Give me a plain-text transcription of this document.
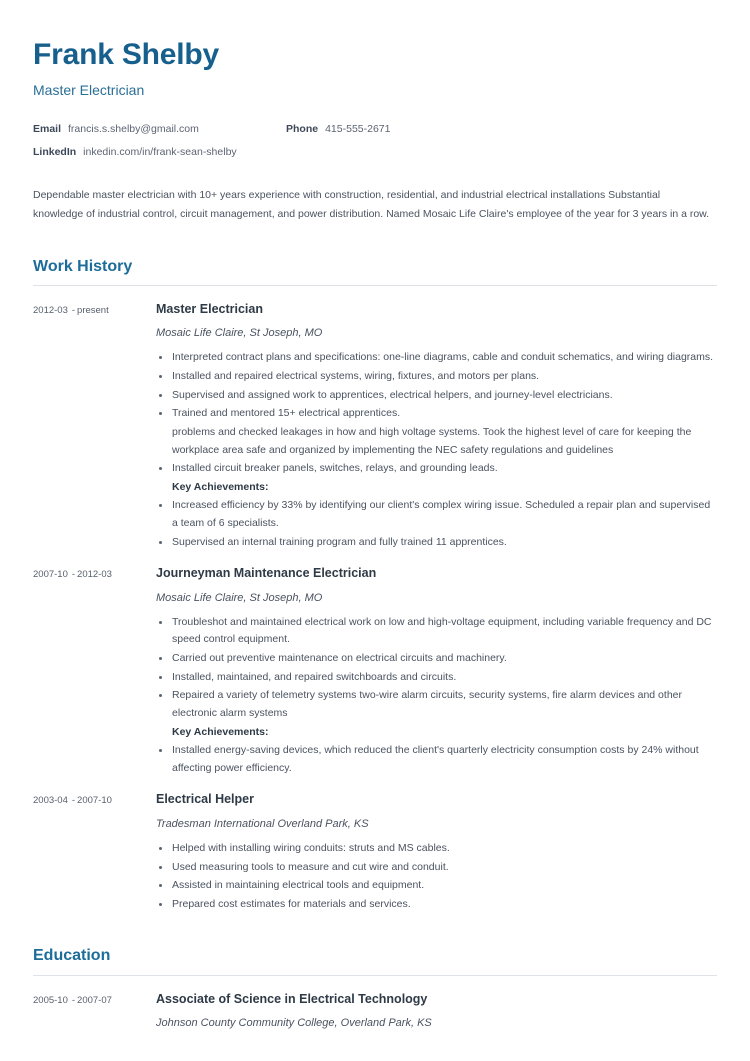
Frank Shelby
Master Electrician
Email francis.s.shelby@gmail.com	Phone 415-555-2671
LinkedIn inkedin.com/in/frank-sean-shelby
Dependable master electrician with 10+ years experience with construction, residential, and industrial electrical installations Substantial knowledge of industrial control, circuit management, and power distribution. Named Mosaic Life Claire's employee of the year for 3 years in a row.
Work History
2012-03 - present	Master Electrician
Mosaic Life Claire, St Joseph, MO
Interpreted contract plans and specifications: one-line diagrams, cable and conduit schematics, and wiring diagrams.
Installed and repaired electrical systems, wiring, fixtures, and motors per plans.
Supervised and assigned work to apprentices, electrical helpers, and journey-level electricians.
Trained and mentored 15+ electrical apprentices.
problems and checked leakages in how and high voltage systems. Took the highest level of care for keeping the workplace area safe and organized by implementing the NEC safety regulations and guidelines
Installed circuit breaker panels, switches, relays, and grounding leads.
Key Achievements:
Increased efficiency by 33% by identifying our client's complex wiring issue. Scheduled a repair plan and supervised a team of 6 specialists.
Supervised an internal training program and fully trained 11 apprentices.
2007-10 - 2012-03	Journeyman Maintenance Electrician
Mosaic Life Claire, St Joseph, MO
Troubleshot and maintained electrical work on low and high-voltage equipment, including variable frequency and DC speed control equipment.
Carried out preventive maintenance on electrical circuits and machinery.
Installed, maintained, and repaired switchboards and circuits.
Repaired a variety of telemetry systems two-wire alarm circuits, security systems, fire alarm devices and other electronic alarm systems
Key Achievements:
Installed energy-saving devices, which reduced the client's quarterly electricity consumption costs by 24% without affecting power efficiency.
2003-04 - 2007-10	Electrical Helper
Tradesman International Overland Park, KS
Helped with installing wiring conduits: struts and MS cables.
Used measuring tools to measure and cut wire and conduit.
Assisted in maintaining electrical tools and equipment.
Prepared cost estimates for materials and services.
Education
2005-10 - 2007-07	Associate of Science in Electrical Technology
Johnson County Community College, Overland Park, KS
